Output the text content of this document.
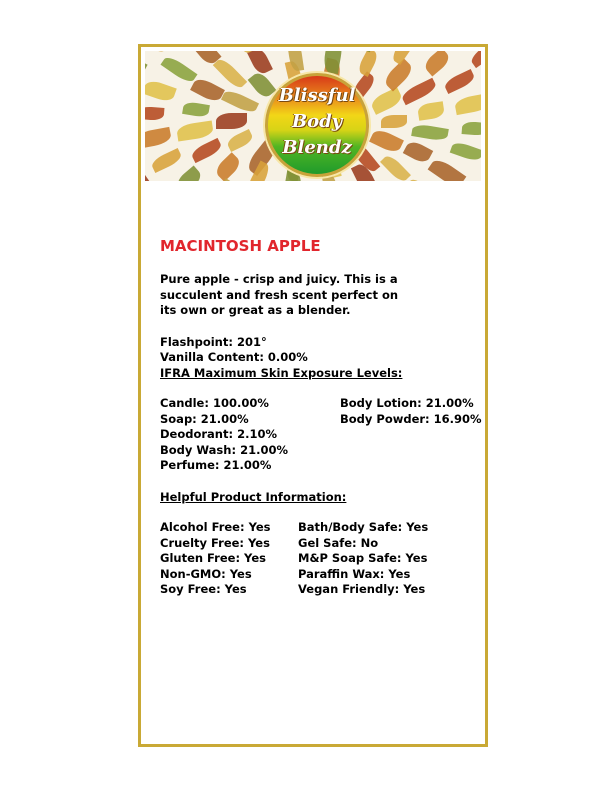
Blissful
Body
Blendz
MACINTOSH APPLE
Pure apple - crisp and juicy. This is a succulent and fresh scent perfect on its own or great as a blender.
Flashpoint: 201°
Vanilla Content: 0.00%
IFRA Maximum Skin Exposure Levels:
Candle: 100.00%
Soap: 21.00%
Deodorant: 2.10%
Body Wash: 21.00%
Perfume: 21.00%
Body Lotion: 21.00%
Body Powder: 16.90%
Helpful Product Information:
Alcohol Free: Yes
Cruelty Free: Yes
Gluten Free: Yes
Non-GMO: Yes
Soy Free: Yes
Bath/Body Safe: Yes
Gel Safe: No
M&P Soap Safe: Yes
Paraffin Wax: Yes
Vegan Friendly: Yes
